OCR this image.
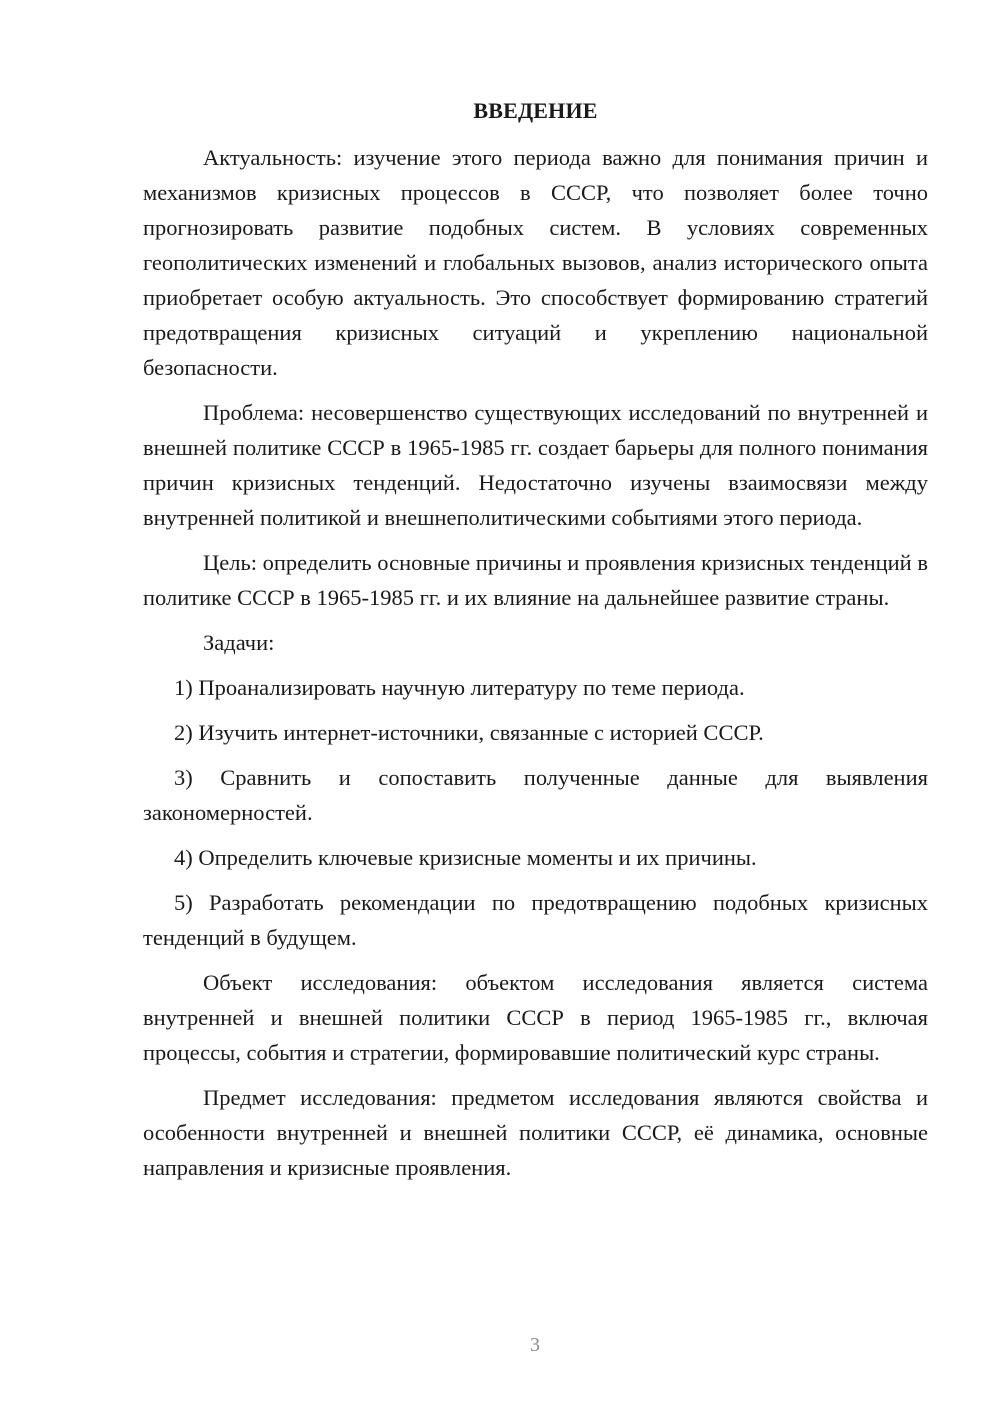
ВВЕДЕНИЕ

Актуальность: изучение этого периода важно для понимания причин и механизмов кризисных процессов в СССР, что позволяет более точно прогнозировать развитие подобных систем. В условиях современных геополитических изменений и глобальных вызовов, анализ исторического опыта приобретает особую актуальность. Это способствует формированию стратегий предотвращения кризисных ситуаций и укреплению национальной безопасности.

Проблема: несовершенство существующих исследований по внутренней и внешней политике СССР в 1965-1985 гг. создает барьеры для полного понимания причин кризисных тенденций. Недостаточно изучены взаимосвязи между внутренней политикой и внешнеполитическими событиями этого периода.

Цель: определить основные причины и проявления кризисных тенденций в политике СССР в 1965-1985 гг. и их влияние на дальнейшее развитие страны.

Задачи:

1) Проанализировать научную литературу по теме периода.

2) Изучить интернет-источники, связанные с историей СССР.

3) Сравнить и сопоставить полученные данные для выявления закономерностей.

4) Определить ключевые кризисные моменты и их причины.

5) Разработать рекомендации по предотвращению подобных кризисных тенденций в будущем.

Объект исследования: объектом исследования является система внутренней и внешней политики СССР в период 1965-1985 гг., включая процессы, события и стратегии, формировавшие политический курс страны.

Предмет исследования: предметом исследования являются свойства и особенности внутренней и внешней политики СССР, её динамика, основные направления и кризисные проявления.

3
